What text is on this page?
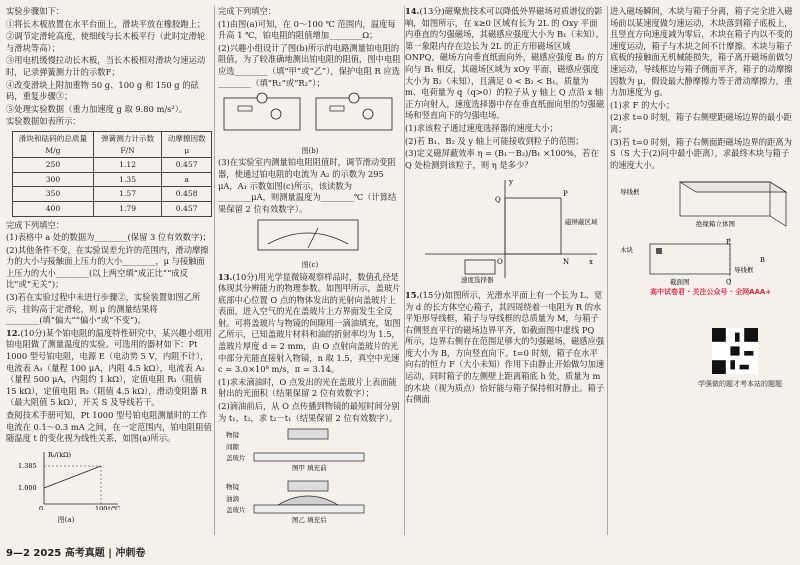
实验步骤如下：

①将长木板放置在水平台面上，滑块平放在橡胶跑上；

②调节定滑轮高度，使细线与长木板平行（此时定滑轮与滑块等高）；

③用电机缓慢拉动长木板，当长木板相对滑块匀速运动时，记录弹簧测力计的示数F；

④改变滑块上附加重物 50 g、100 g 和 150 g 的砝码，重复步骤③；

⑤处理实验数据（重力加速度 g 取 9.80 m/s²）。

实验数据如表所示：

滑块和砝码的总质量 M/g	弹簧测力计示数 F/N	动摩擦因数 μ
250	1.12	0.457
300	1.35	a
350	1.57	0.458
400	1.79	0.457

完成下列填空：

(1)表格中 a 处的数据为________(保留 3 位有效数字)；

(2)其他条件不变，在实验误差允许的范围内，滑动摩擦力的大小与接触面上压力的大小________，μ 与接触面上压力的大小________(以上两空填“成正比”“成反比”或“无关”)；

(3)若在实验过程中未进行步骤②，实验装置如图乙所示，挂钩高于定滑轮，则 μ 的测量结果将________(填“偏大”“偏小”或“不变”)。

12.(10分)某个铂电阻的温度特性研究中，某兴趣小组用铂电阻做了测量温度的实验。可选用的器材如下：Pt 1000 型号铂电阻，电源 E（电动势 5 V，内阻不计），电流表 A₁（量程 100 μA，内阻 4.5 kΩ），电流表 A₂（量程 500 μA，内阻约 1 kΩ），定值电阻 R₁（阻值 15 kΩ），定值电阻 R₂（阻值 4.5 kΩ），滑动变阻器 R（最大阻值 5 kΩ），开关 S 及导线若干。

查阅技术手册可知，Pt 1000 型号铂电阻测量时的工作电流在 0.1～0.3 mA 之间，在一定范围内，铂电阻阻值随温度 t 的变化视为线性关系，如图(a)所示。

Rₜ/(kΩ)
1.385
1.000
0	100 t/℃
图(a)

完成下列填空：

(1)由图(a)可知，在 0～100 ℃ 范围内，温度每升高 1 ℃，铂电阻的阻值增加________Ω；

(2)兴趣小组设计了图(b)所示的电路测量铂电阻的阻值，为了较准确地测出铂电阻的阻值，图中电阻应选________（填“甲”或“乙”），保护电阻 R 应选________（填“R₁”或“R₂”）；

图(b)

(3)在实验室内测量铂电阻阻值时，调节滑动变阻器，使通过铂电阻的电流为 A₂ 的示数为 295 μA，A₁ 示数如图(c)所示，该读数为________μA，则测量温度为________℃（计算结果保留 2 位有效数字）。

图(c)

13.(10分)用光学显微镜观察样品时，数值孔径是体现其分辨能力的物理参数。如图甲所示，盖玻片底部中心位置 O 点的物体发出的光射向盖玻片上表面，进入空气的光在盖玻片上方界面发生全反射。可将盖玻片与物镜的间隙用一滴油填充，如图乙所示，已知盖玻片材料和油的折射率均为 1.5，盖玻片厚度 d = 2 mm，由 O 点射向盖玻片的光中部分光能直接射入物镜，n 取 1.5，真空中光速 c = 3.0×10⁸ m/s，π = 3.14。

(1)求未滴油时，O 点发出的光在盖玻片上表面能射出的光面积（结果保留 2 位有效数字）；

(2)滴油前后，从 O 点传播到物镜的最短时间分别为 t₁、t₂，求 t₂－t₁（结果保留 2 位有效数字）。

物镜
间隙
盖玻片
图甲 填充前

物镜
油滴
盖玻片
图乙 填充后

14.(13分)磁聚焦技术可以降低外界磁场对质谱仪的影响，如图所示，在 x≥0 区域有长为 2L 的 Oxy 平面内垂直的匀强磁场，其磁感应强度大小为 B₁（未知）。第一象限内存在边长为 2L 的正方形磁场区域 ONPQ，磁场方向垂直纸面向外，磁感应强度 B₂ 的方向与 B₁ 相反，其磁场区域为 xOy 平面，磁感应强度大小为 B₂（未知），且满足 0 < B₂ < B₁。质量为 m、电荷量为 q（q>0）的粒子从 y 轴上 Q 点沿 x 轴正方向射入，速度选择器中存在垂直纸面向里的匀强磁场和竖直向下的匀强电场。

(1)求该粒子通过速度选择器的速度大小；

(2)若 B₁、B₂ 及 y 轴上可能接收到粒子的范围；

(3)定义磁屏蔽效率 η = (B₁－B₂)/B₁ ×100%，若在 Q 处检测到该粒子，则 η 是多少？

y
Q
x
N
P
O
磁屏蔽区域
速度选择器

15.(15分)如图所示，光滑水平面上有一个长为 L、宽为 d 的长方体空心箱子，其四周绕着一电阻为 R 的水平矩形导线框，箱子与导线框的总质量为 M，与箱子右侧竖直平行的磁场边界平齐，如截面图中虚线 PQ 所示，边界右侧存在范围足够大的匀强磁场，磁感应强度大小为 B，方向竖直向下。t=0 时刻，箱子在水平向右的恒力 F（大小未知）作用下由静止开始做匀加速运动，同时箱子的左侧壁上距离箱底 h 处，质量为 m 的木块（视为质点）恰好能与箱子保持相对静止。箱子右侧面

进入磁场瞬间，木块与箱子分离，箱子完全进入磁场前以某速度做匀速运动，木块落到箱子底板上，且竖直方向速度减为零后，木块在箱子内以不变的速度运动，箱子与木块之间不计摩擦。木块与箱子底板的接触面无机械能损失，箱子离开磁场前做匀速运动，导线框边与箱子侧面平齐，箱子的动摩擦因数为 μ，假设最大静摩擦力等于滑动摩擦力，重力加速度为 g。

(1)求 F 的大小；

(2)求 t=0 时刻，箱子右侧壁距磁场边界的最小距离；

(3)若 t=0 时刻，箱子右侧面距磁场边界的距离为 S（S 大于(2)问中最小距离），求最终木块与箱子的速度大小。

导线框
绝缘箱立体图

P
Q
B
导线框
木块
截面图
高中试卷君 · 关注公众号 · 全网AAA+
学强做的题才考本站的题题
9—2 2025 高考真题 | 冲刺卷
